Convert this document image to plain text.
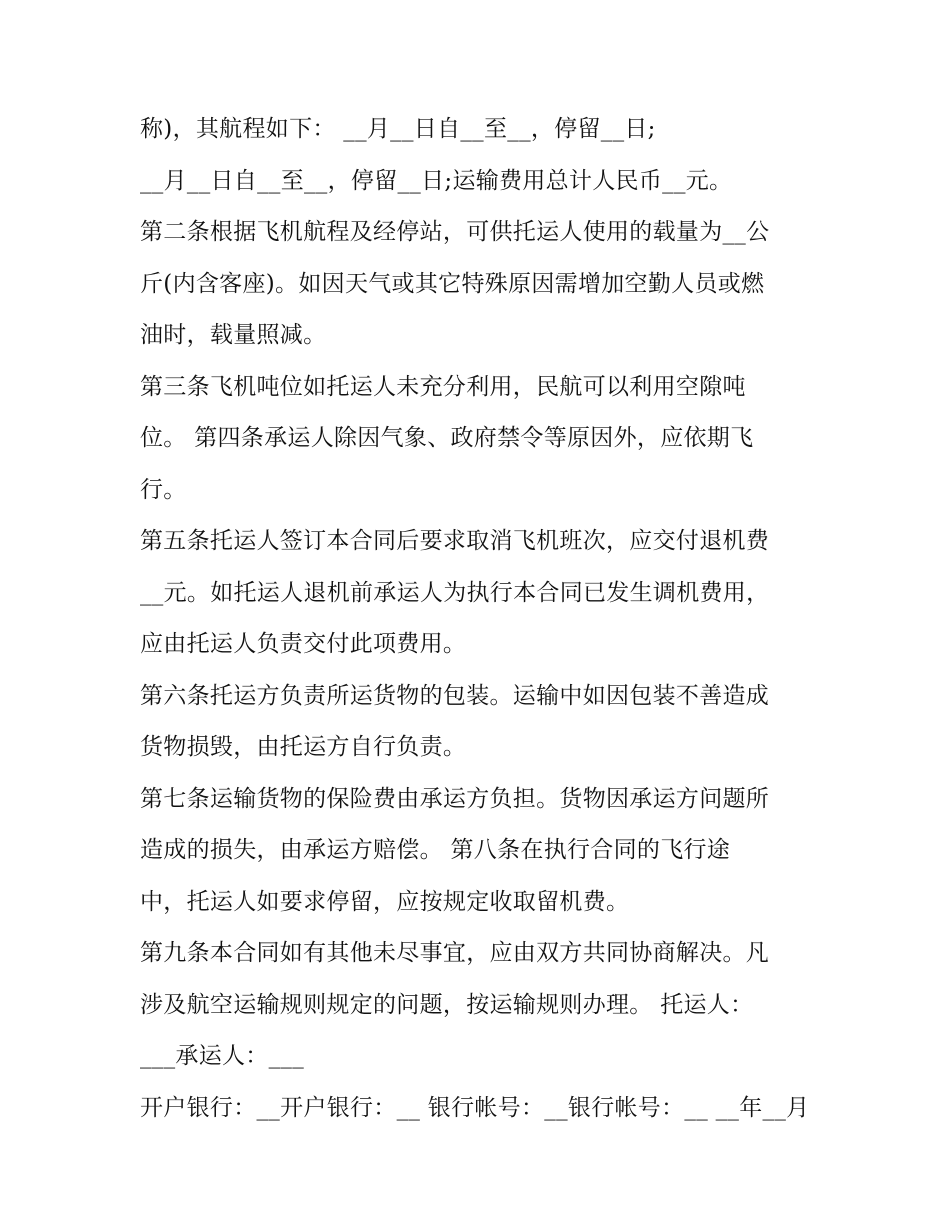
称)，其航程如下： __月__日自__至__，停留__日;
__月__日自__至__，停留__日;运输费用总计人民币__元。
第二条根据飞机航程及经停站，可供托运人使用的载量为__公
斤(内含客座)。如因天气或其它特殊原因需增加空勤人员或燃
油时，载量照减。
第三条飞机吨位如托运人未充分利用，民航可以利用空隙吨
位。 第四条承运人除因气象、政府禁令等原因外，应依期飞
行。
第五条托运人签订本合同后要求取消飞机班次，应交付退机费
__元。如托运人退机前承运人为执行本合同已发生调机费用，
应由托运人负责交付此项费用。
第六条托运方负责所运货物的包装。运输中如因包装不善造成
货物损毁，由托运方自行负责。
第七条运输货物的保险费由承运方负担。货物因承运方问题所
造成的损失，由承运方赔偿。 第八条在执行合同的飞行途
中，托运人如要求停留，应按规定收取留机费。
第九条本合同如有其他未尽事宜，应由双方共同协商解决。凡
涉及航空运输规则规定的问题，按运输规则办理。 托运人：
___承运人：___
开户银行：__开户银行：__ 银行帐号：__银行帐号：__ __年__月
